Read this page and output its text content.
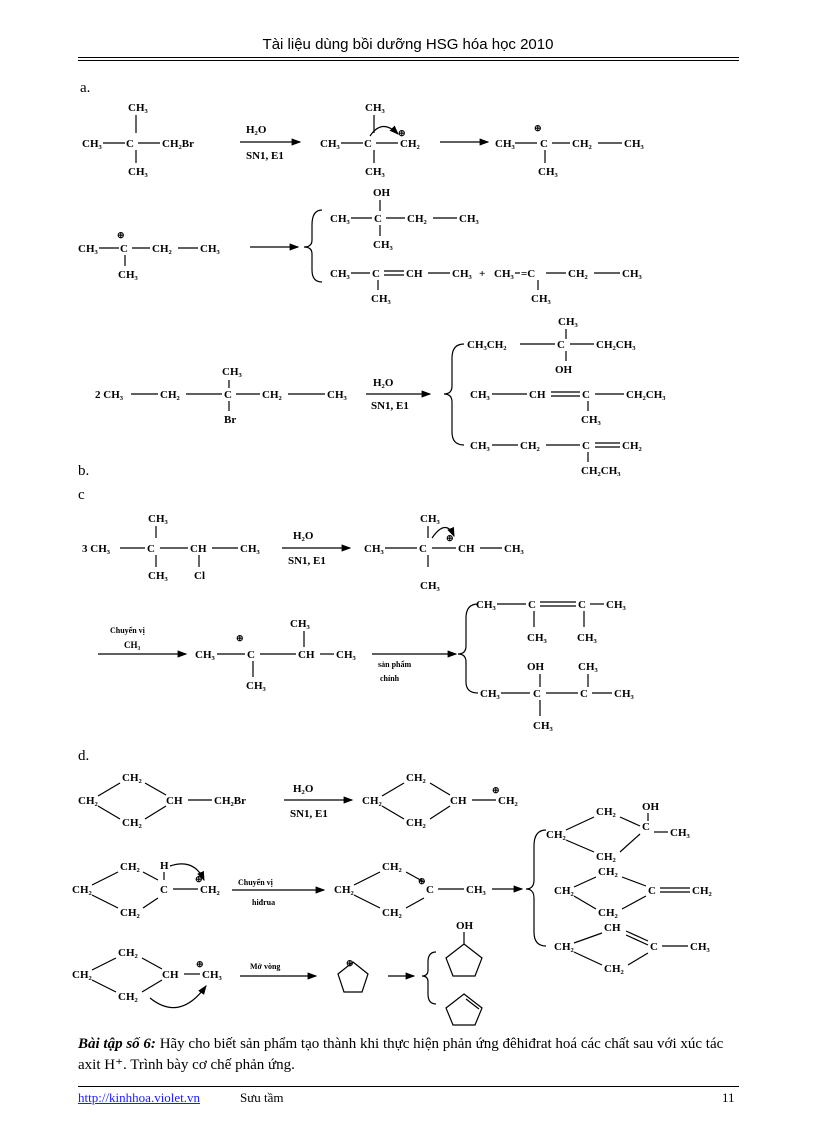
Tài liệu dùng bồi dưỡng HSG hóa học 2010
a.
b.
c
d.
CH₃
CH₃ C	CH₂Br
CH₃
H₂O
SN1, E1
CH₃
CH₃ C	CH₂
⊕
CH₃
CH₃ C
⊕
CH₂	CH₃
CH₃
⊕
CH₃ C CH₂	CH₃
CH₃
OH
CH₃ C CH₂	CH₃
CH₃
CH₃ C CH	CH₃ +
CH₃
CH₃ =C	CH₂	CH₃
CH₃
2 CH₃	CH₂	C
CH₃
CH₂	CH₃
Br
H₂O
SN1, E1
CH₃
CH₃CH₂	C	CH₂CH₃
OH
CH₃	CH	C	CH₂CH₃
CH₃
CH₃	CH₂	C	CH₂
CH₂CH₃
CH₃
3 CH₃	C	CH	CH₃
CH₃ Cl
H₂O
SN1, E1
CH₃
CH₃	C
⊕
CH	CH₃
CH₃
Chuyển vị
CH₃
⊕
CH₃	C	CH CH₃
CH₃
CH₃
sản phẩm
chính
CH₃	C	C CH₃
CH₃	CH₃
OH	CH₃
CH₃	C	C CH₃
CH₃
CH₂
CH₂
CH₂
CH	CH₂Br
H₂O
SN1, E1
CH₂
CH₂
CH₂
CH	CH₂
⊕
CH₂
CH₂
CH₂
H
C	CH₂
⊕	Chuyển vị
hiđrua
CH₂
CH₂
CH₂
⊕
C	CH₃
CH₂
CH₂
CH₂
C
OH
CH₃
CH₂
CH₂
CH₂
C	CH₂
CH
CH₂
CH₂
C	CH₃
CH₂
CH₂
CH₂
CH CH₃
⊕	Mở vòng	⊕
OH
Bài tập số 6: Hãy cho biết sản phẩm tạo thành khi thực hiện phản ứng đêhiđrat hoá các chất sau với xúc tác axit H⁺. Trình bày cơ chế phản ứng.
http://kinhhoa.violet.vn	Sưu tầm	11
